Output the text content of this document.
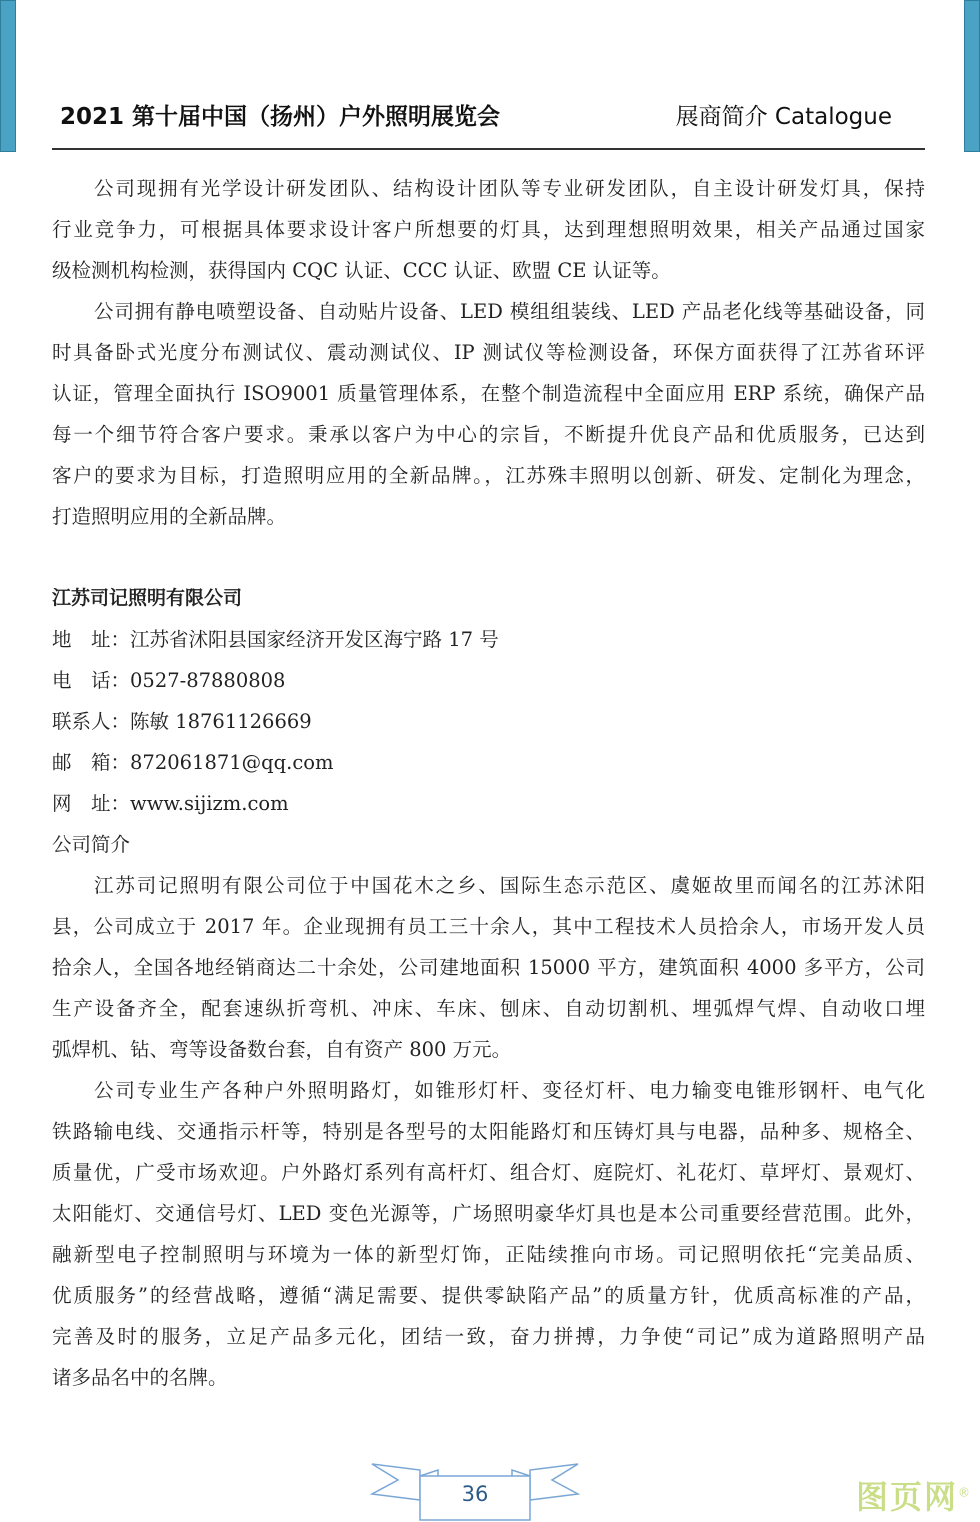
2021 第十届中国（扬州）户外照明展览会	展商简介 Catalogue
公司现拥有光学设计研发团队、结构设计团队等专业研发团队，自主设计研发灯具，保持
行业竞争力，可根据具体要求设计客户所想要的灯具，达到理想照明效果，相关产品通过国家
级检测机构检测，获得国内 CQC 认证、CCC 认证、欧盟 CE 认证等。
公司拥有静电喷塑设备、自动贴片设备、LED 模组组装线、LED 产品老化线等基础设备，同
时具备卧式光度分布测试仪、震动测试仪、IP 测试仪等检测设备，环保方面获得了江苏省环评
认证，管理全面执行 ISO9001 质量管理体系，在整个制造流程中全面应用 ERP 系统，确保产品
每一个细节符合客户要求。秉承以客户为中心的宗旨，不断提升优良产品和优质服务，已达到
客户的要求为目标，打造照明应用的全新品牌。，江苏殊丰照明以创新、研发、定制化为理念，
打造照明应用的全新品牌。
江苏司记照明有限公司
地　址：江苏省沭阳县国家经济开发区海宁路 17 号
电　话：0527-87880808
联系人：陈敏 18761126669
邮　箱：872061871@qq.com
网　址：www.sijizm.com
公司简介
江苏司记照明有限公司位于中国花木之乡、国际生态示范区、虞姬故里而闻名的江苏沭阳
县，公司成立于 2017 年。企业现拥有员工三十余人，其中工程技术人员拾余人，市场开发人员
拾余人，全国各地经销商达二十余处，公司建地面积 15000 平方，建筑面积 4000 多平方，公司
生产设备齐全，配套速纵折弯机、冲床、车床、刨床、自动切割机、埋弧焊气焊、自动收口埋
弧焊机、钻、弯等设备数台套，自有资产 800 万元。
公司专业生产各种户外照明路灯，如锥形灯杆、变径灯杆、电力输变电锥形钢杆、电气化
铁路输电线、交通指示杆等，特别是各型号的太阳能路灯和压铸灯具与电器，品种多、规格全、
质量优，广受市场欢迎。户外路灯系列有高杆灯、组合灯、庭院灯、礼花灯、草坪灯、景观灯、
太阳能灯、交通信号灯、LED 变色光源等，广场照明豪华灯具也是本公司重要经营范围。此外，
融新型电子控制照明与环境为一体的新型灯饰，正陆续推向市场。司记照明依托“完美品质、
优质服务”的经营战略，遵循“满足需要、提供零缺陷产品”的质量方针，优质高标准的产品，
完善及时的服务，立足产品多元化，团结一致，奋力拼搏，力争使“司记”成为道路照明产品
诸多品名中的名牌。
36	图页网®
